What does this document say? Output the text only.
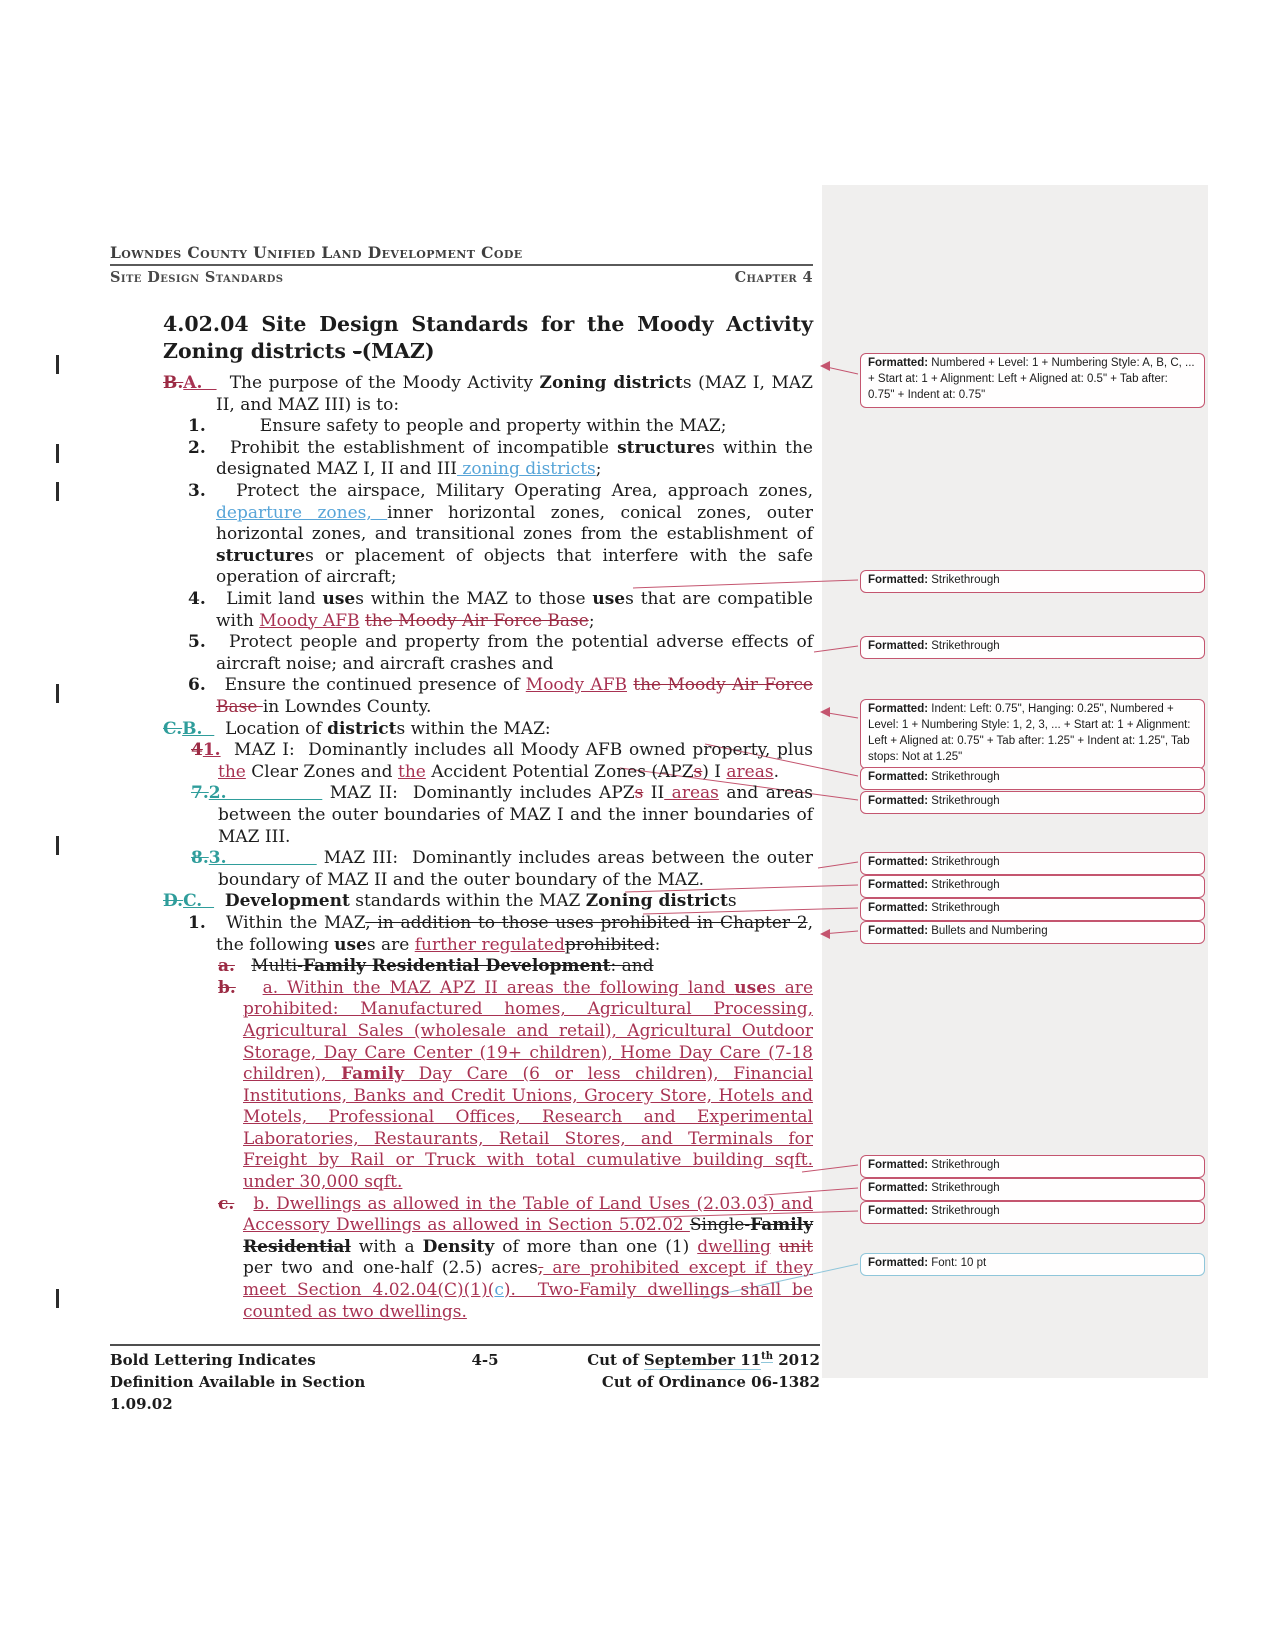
Lowndes County Unified Land Development Code
Site Design Standards	Chapter 4
4.02.04 Site Design Standards for the Moody Activity Zoning districts -(MAZ)
B.A.    The purpose of the Moody Activity Zoning districts (MAZ I, MAZ II, and MAZ III) is to:
1.	Ensure safety to people and property within the MAZ;
2. Prohibit the establishment of incompatible structures within the designated MAZ I, II and III zoning districts;
3. Protect the airspace, Military Operating Area, approach zones, departure zones, inner horizontal zones, conical zones, outer horizontal zones, and transitional zones from the establishment of structures or placement of objects that interfere with the safe operation of aircraft;
4. Limit land uses within the MAZ to those uses that are compatible with Moody AFB the Moody Air Force Base;
5. Protect people and property from the potential adverse effects of aircraft noise; and aircraft crashes and
6. Ensure the continued presence of Moody AFB the Moody Air Force Base in Lowndes County.
C.B.    Location of districts within the MAZ:
41. MAZ I:  Dominantly includes all Moody AFB owned property, plus the Clear Zones and the Accident Potential Zones (APZs) I areas.
7.2.             MAZ II:  Dominantly includes APZs II areas and areas between the outer boundaries of MAZ I and the inner boundaries of MAZ III.
8.3.             MAZ III:  Dominantly includes areas between the outer boundary of MAZ II and the outer boundary of the MAZ.
D.C.    Development standards within the MAZ Zoning districts
1. Within the MAZ, in addition to those uses prohibited in Chapter 2, the following uses are further regulatedprohibited:
a. Multi-Family Residential Development: and
b. a. Within the MAZ APZ II areas the following land uses are prohibited: Manufactured homes, Agricultural Processing, Agricultural Sales (wholesale and retail), Agricultural Outdoor Storage, Day Care Center (19+ children), Home Day Care (7-18 children), Family Day Care (6 or less children), Financial Institutions, Banks and Credit Unions, Grocery Store, Hotels and Motels, Professional Offices, Research and Experimental Laboratories, Restaurants, Retail Stores, and Terminals for Freight by Rail or Truck with total cumulative building sqft. under 30,000 sqft.
c. b. Dwellings as allowed in the Table of Land Uses (2.03.03) and Accessory Dwellings as allowed in Section 5.02.02 Single-Family Residential with a Density of more than one (1) dwelling unit per two and one-half (2.5) acres, are prohibited except if they meet Section 4.02.04(C)(1)(c).  Two-Family dwellings shall be counted as two dwellings.
Formatted: Numbered + Level: 1 + Numbering Style: A, B, C, ... + Start at: 1 + Alignment: Left + Aligned at: 0.5" + Tab after: 0.75" + Indent at: 0.75"
Formatted: Strikethrough
Formatted: Strikethrough
Formatted: Indent: Left: 0.75", Hanging: 0.25", Numbered + Level: 1 + Numbering Style: 1, 2, 3, ... + Start at: 1 + Alignment: Left + Aligned at: 0.75" + Tab after: 1.25" + Indent at: 1.25", Tab stops: Not at 1.25"
Formatted: Strikethrough
Formatted: Strikethrough
Formatted: Strikethrough
Formatted: Strikethrough
Formatted: Strikethrough
Formatted: Bullets and Numbering
Formatted: Strikethrough
Formatted: Strikethrough
Formatted: Strikethrough
Formatted: Font: 10 pt
Bold Lettering Indicates
Definition Available in Section 1.09.02
4-5	Cut of September 11th 2012
Cut of Ordinance 06-1382
